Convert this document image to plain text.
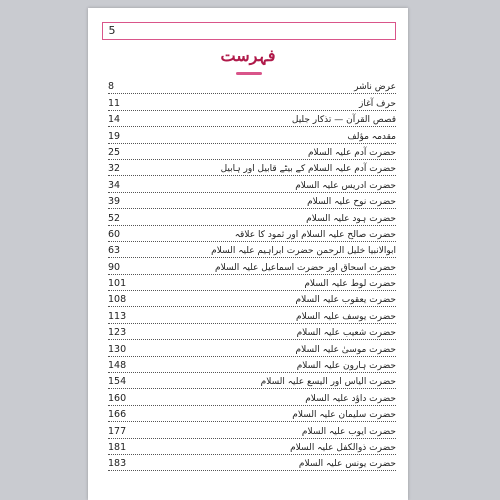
5
فہرست
8	عرض ناشر
11	حرف آغاز
14	قصص القرآن — تذکار جلیل
19	مقدمہ مؤلف
25	حضرت آدم علیہ السلام
32	حضرت آدم علیہ السلام کے بیٹے قابیل اور ہابیل
34	حضرت ادریس علیہ السلام
39	حضرت نوح علیہ السلام
52	حضرت ہود علیہ السلام
60	حضرت صالح علیہ السلام اور ثمود کا علاقہ
63	ابوالانبیا خلیل الرحمن حضرت ابراہیم علیہ السلام
90	حضرت اسحاق اور حضرت اسماعیل علیہ السلام
101	حضرت لوط علیہ السلام
108	حضرت یعقوب علیہ السلام
113	حضرت یوسف علیہ السلام
123	حضرت شعیب علیہ السلام
130	حضرت موسیٰ علیہ السلام
148	حضرت ہارون علیہ السلام
154	حضرت الیاس اور الیسع علیہ السلام
160	حضرت داؤد علیہ السلام
166	حضرت سلیمان علیہ السلام
177	حضرت ایوب علیہ السلام
181	حضرت ذوالکفل علیہ السلام
183	حضرت یونس علیہ السلام
